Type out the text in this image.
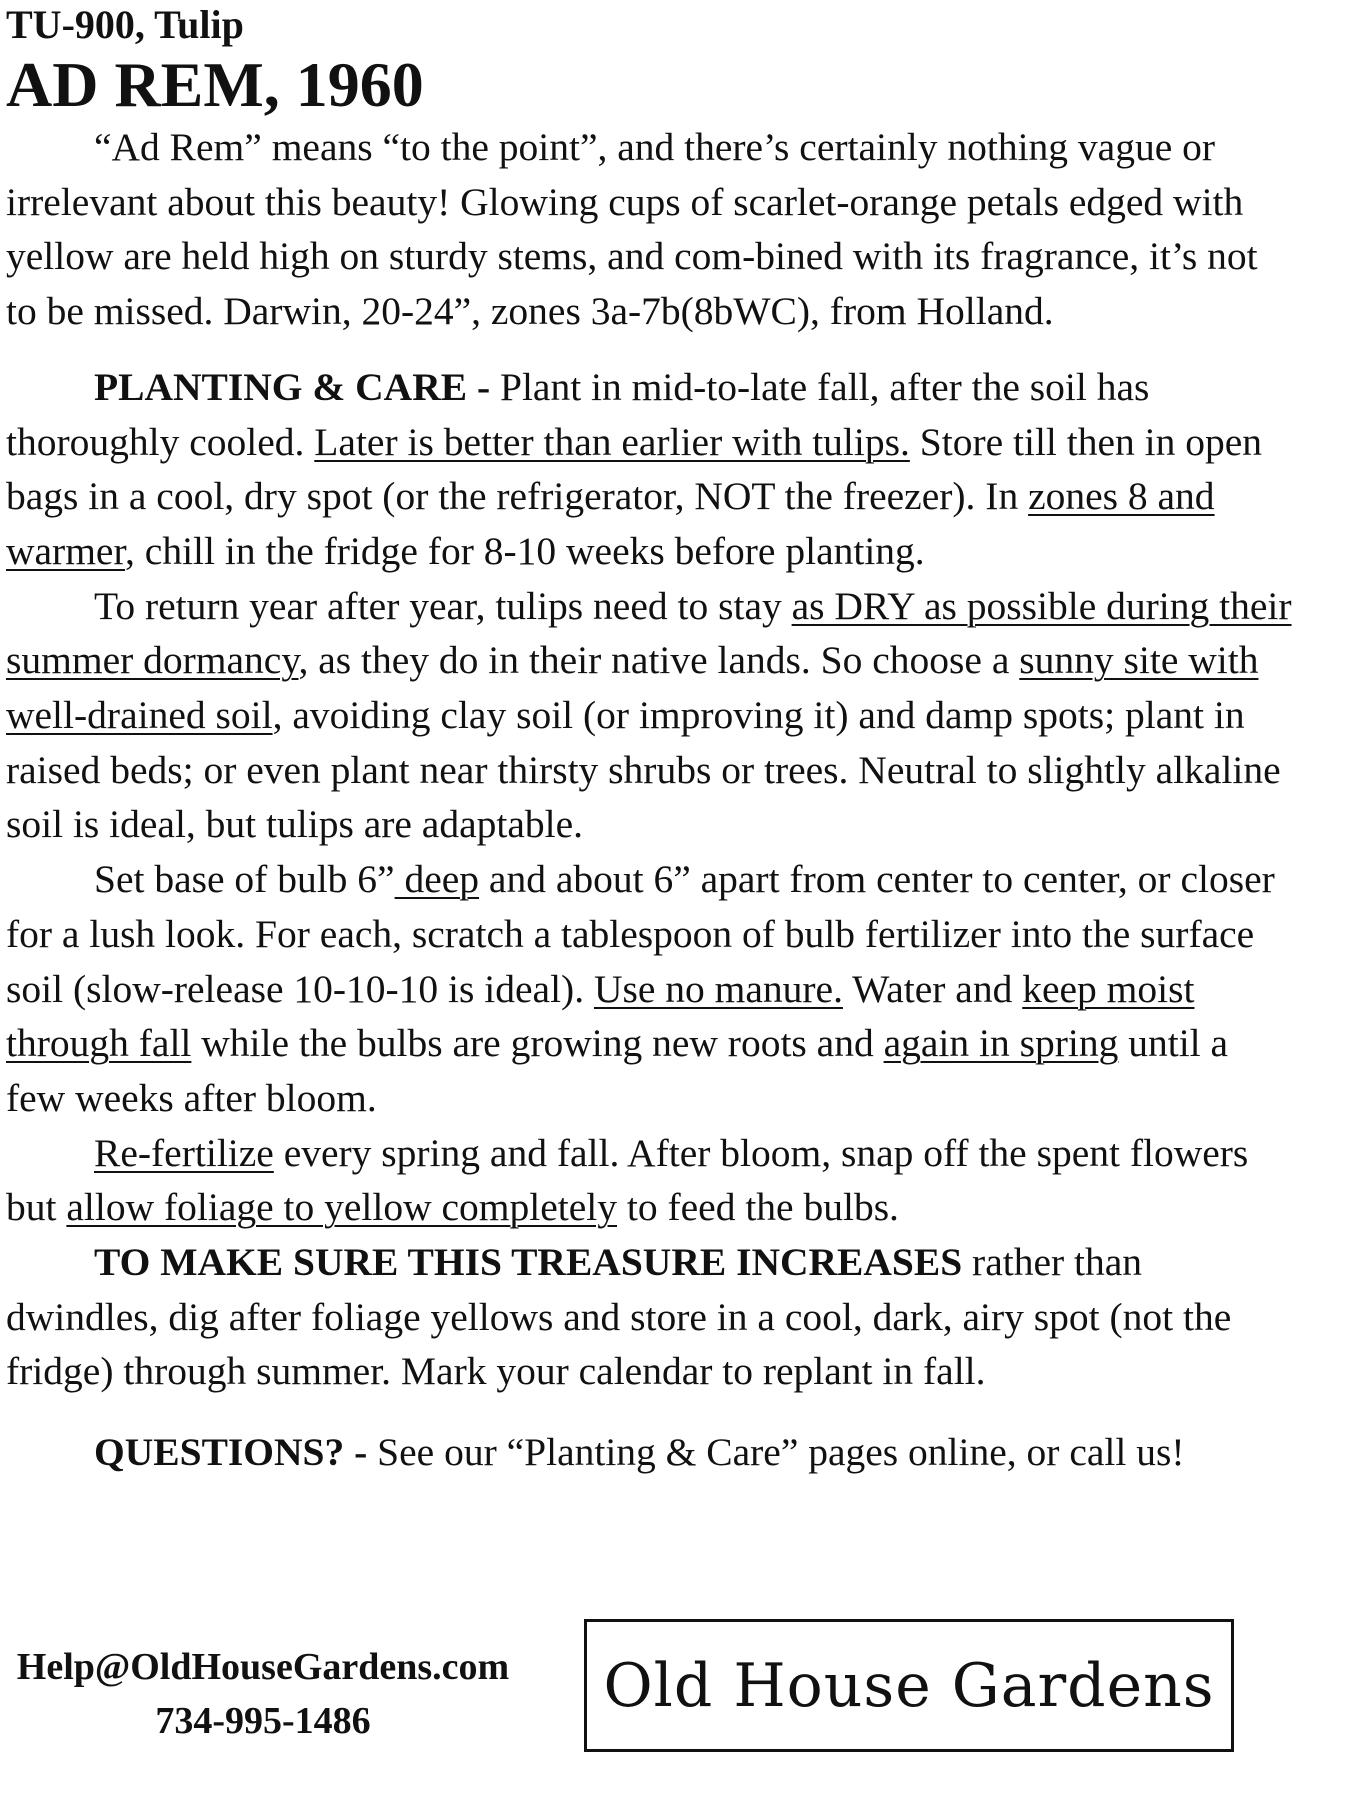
TU-900, Tulip
AD REM, 1960

“Ad Rem” means “to the point”, and there’s certainly nothing vague or irrelevant about this beauty! Glowing cups of scarlet-orange petals edged with yellow are held high on sturdy stems, and com-bined with its fragrance, it’s not to be missed. Darwin, 20-24”, zones 3a-7b(8bWC), from Holland.

PLANTING & CARE - Plant in mid-to-late fall, after the soil has thoroughly cooled. Later is better than earlier with tulips. Store till then in open bags in a cool, dry spot (or the refrigerator, NOT the freezer). In zones 8 and warmer, chill in the fridge for 8-10 weeks before planting.

To return year after year, tulips need to stay as DRY as possible during their summer dormancy, as they do in their native lands. So choose a sunny site with well-drained soil, avoiding clay soil (or improving it) and damp spots; plant in raised beds; or even plant near thirsty shrubs or trees. Neutral to slightly alkaline soil is ideal, but tulips are adaptable.

Set base of bulb 6” deep and about 6” apart from center to center, or closer for a lush look. For each, scratch a tablespoon of bulb fertilizer into the surface soil (slow-release 10-10-10 is ideal). Use no manure. Water and keep moist through fall while the bulbs are growing new roots and again in spring until a few weeks after bloom.

Re-fertilize every spring and fall. After bloom, snap off the spent flowers but allow foliage to yellow completely to feed the bulbs.

TO MAKE SURE THIS TREASURE INCREASES rather than dwindles, dig after foliage yellows and store in a cool, dark, airy spot (not the fridge) through summer. Mark your calendar to replant in fall.

QUESTIONS? - See our “Planting & Care” pages online, or call us!

Help@OldHouseGardens.com
734-995-1486
Old House Gardens
